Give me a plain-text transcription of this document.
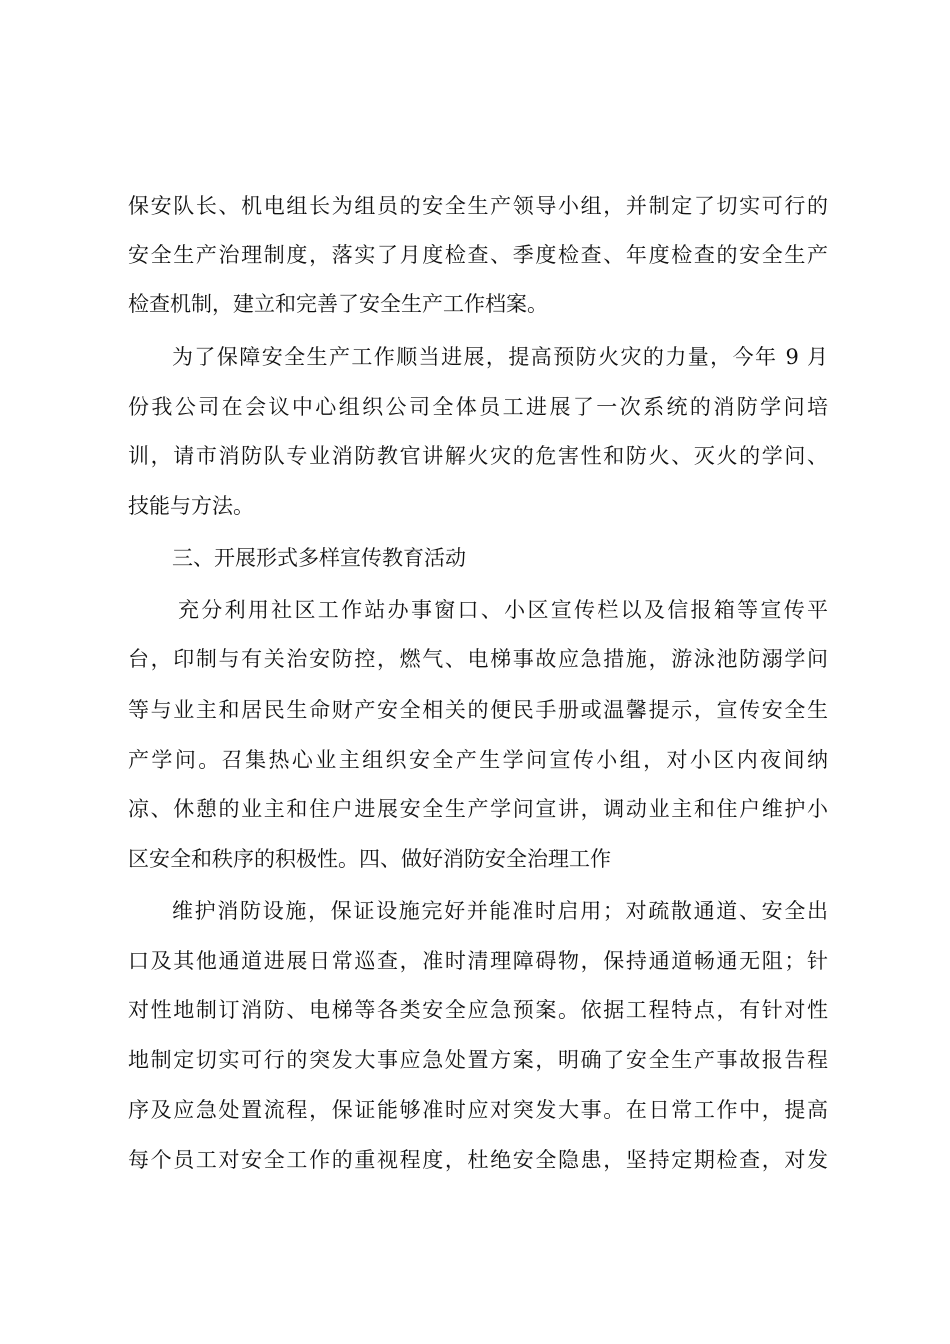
保安队长、机电组长为组员的安全生产领导小组，并制定了切实可行的
安全生产治理制度，落实了月度检查、季度检查、年度检查的安全生产
检查机制，建立和完善了安全生产工作档案。
为了保障安全生产工作顺当进展，提高预防火灾的力量，今年 9 月
份我公司在会议中心组织公司全体员工进展了一次系统的消防学问培
训，请市消防队专业消防教官讲解火灾的危害性和防火、灭火的学问、
技能与方法。
三、开展形式多样宣传教育活动
充分利用社区工作站办事窗口、小区宣传栏以及信报箱等宣传平
台，印制与有关治安防控，燃气、电梯事故应急措施，游泳池防溺学问
等与业主和居民生命财产安全相关的便民手册或温馨提示，宣传安全生
产学问。召集热心业主组织安全产生学问宣传小组，对小区内夜间纳
凉、休憩的业主和住户进展安全生产学问宣讲，调动业主和住户维护小
区安全和秩序的积极性。四、做好消防安全治理工作
维护消防设施，保证设施完好并能准时启用；对疏散通道、安全出
口及其他通道进展日常巡查，准时清理障碍物，保持通道畅通无阻；针
对性地制订消防、电梯等各类安全应急预案。依据工程特点，有针对性
地制定切实可行的突发大事应急处置方案，明确了安全生产事故报告程
序及应急处置流程，保证能够准时应对突发大事。在日常工作中，提高
每个员工对安全工作的重视程度，杜绝安全隐患，坚持定期检查，对发
